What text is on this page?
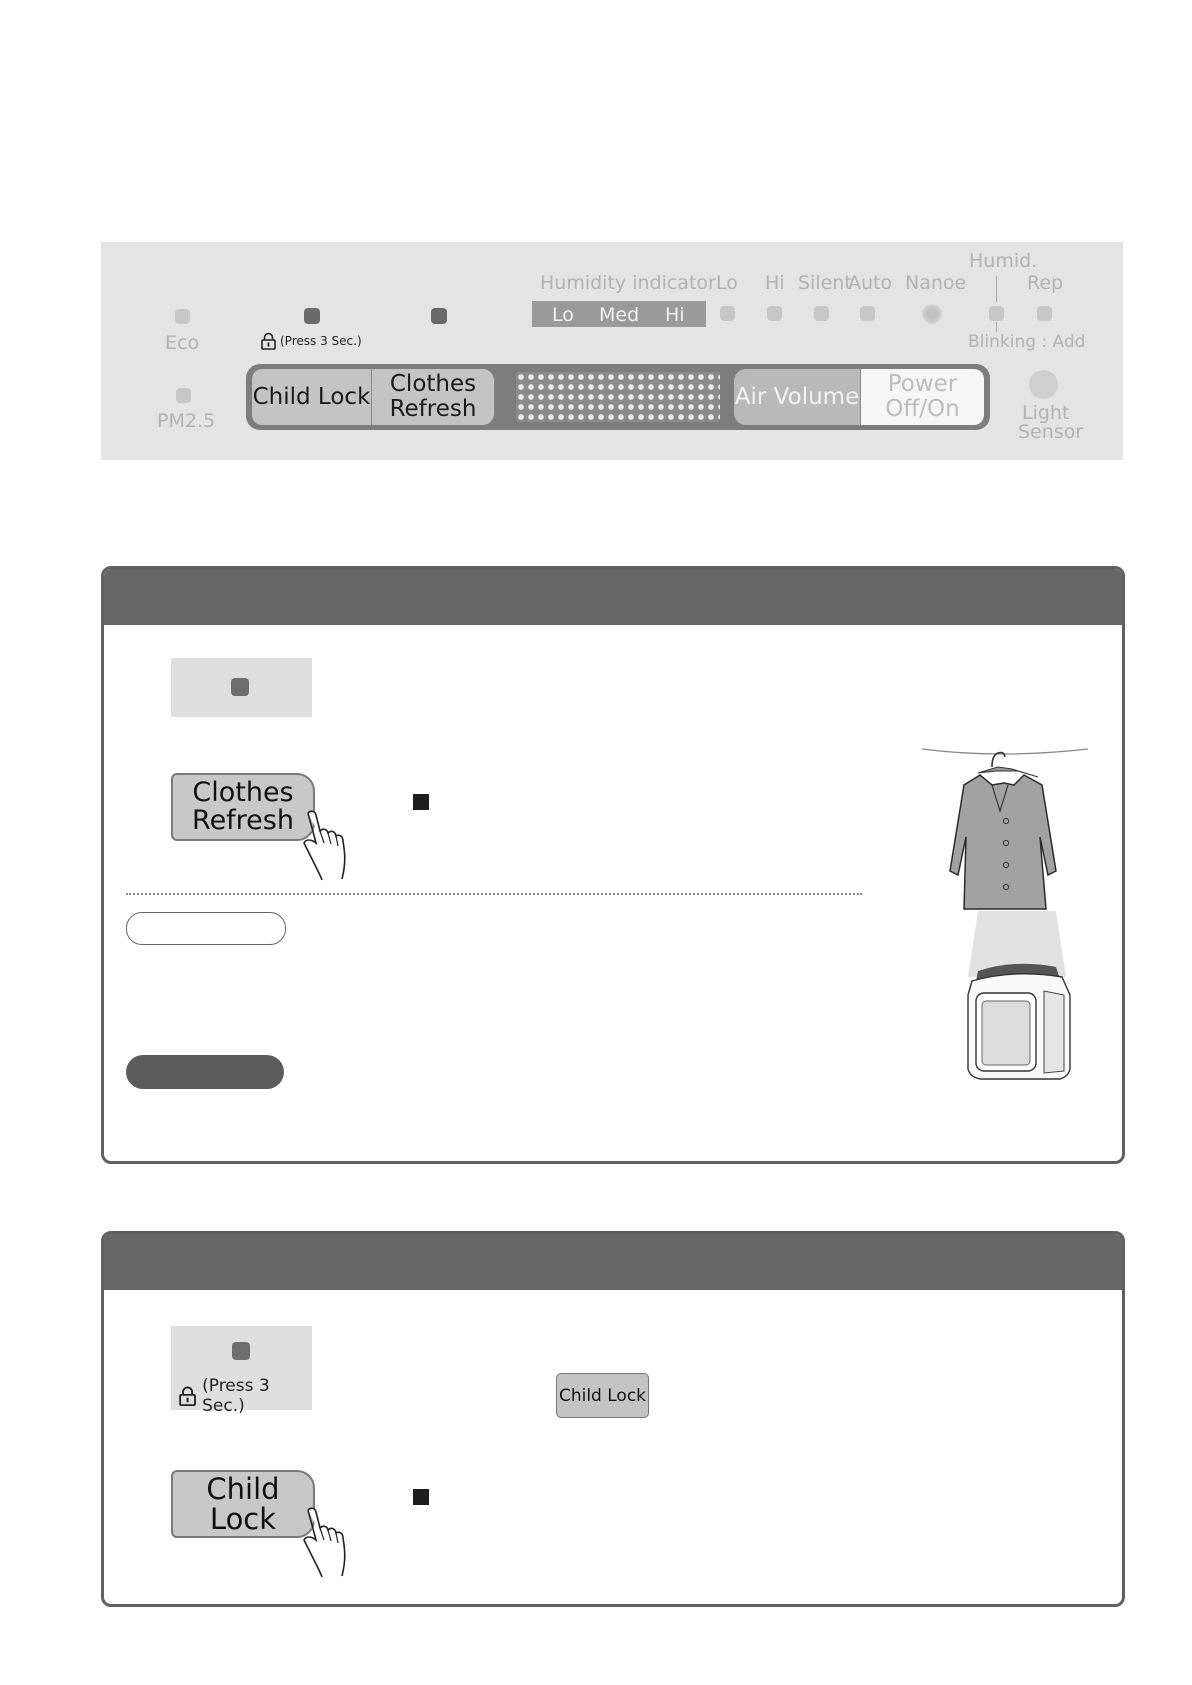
Eco
PM2.5
(Press 3 Sec.)
Humidity indicator
Lo Med Hi
Lo Hi Silent
Auto Nanoe
Humid.
Rep
Blinking : Add
Light
Sensor
Child Lock Clothes
Refresh	Air Volume Power
Off/On
Clothes
Refresh
(Press 3 Sec.)
Child Lock
Child Lock
